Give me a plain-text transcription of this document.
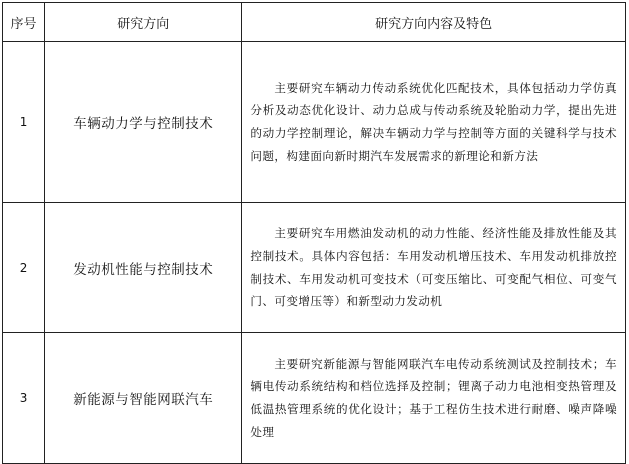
序号	研究方向	研究方向内容及特色
1	车辆动力学与控制技术	主要研究车辆动力传动系统优化匹配技术，具体包括动力学仿真分析及动态优化设计、动力总成与传动系统及轮胎动力学，提出先进的动力学控制理论，解决车辆动力学与控制等方面的关键科学与技术问题，构建面向新时期汽车发展需求的新理论和新方法
2	发动机性能与控制技术	主要研究车用燃油发动机的动力性能、经济性能及排放性能及其控制技术。具体内容包括：车用发动机增压技术、车用发动机排放控制技术、车用发动机可变技术（可变压缩比、可变配气相位、可变气门、可变增压等）和新型动力发动机
3	新能源与智能网联汽车	主要研究新能源与智能网联汽车电传动系统测试及控制技术；车辆电传动系统结构和档位选择及控制；锂离子动力电池相变热管理及低温热管理系统的优化设计；基于工程仿生技术进行耐磨、噪声降噪处理
